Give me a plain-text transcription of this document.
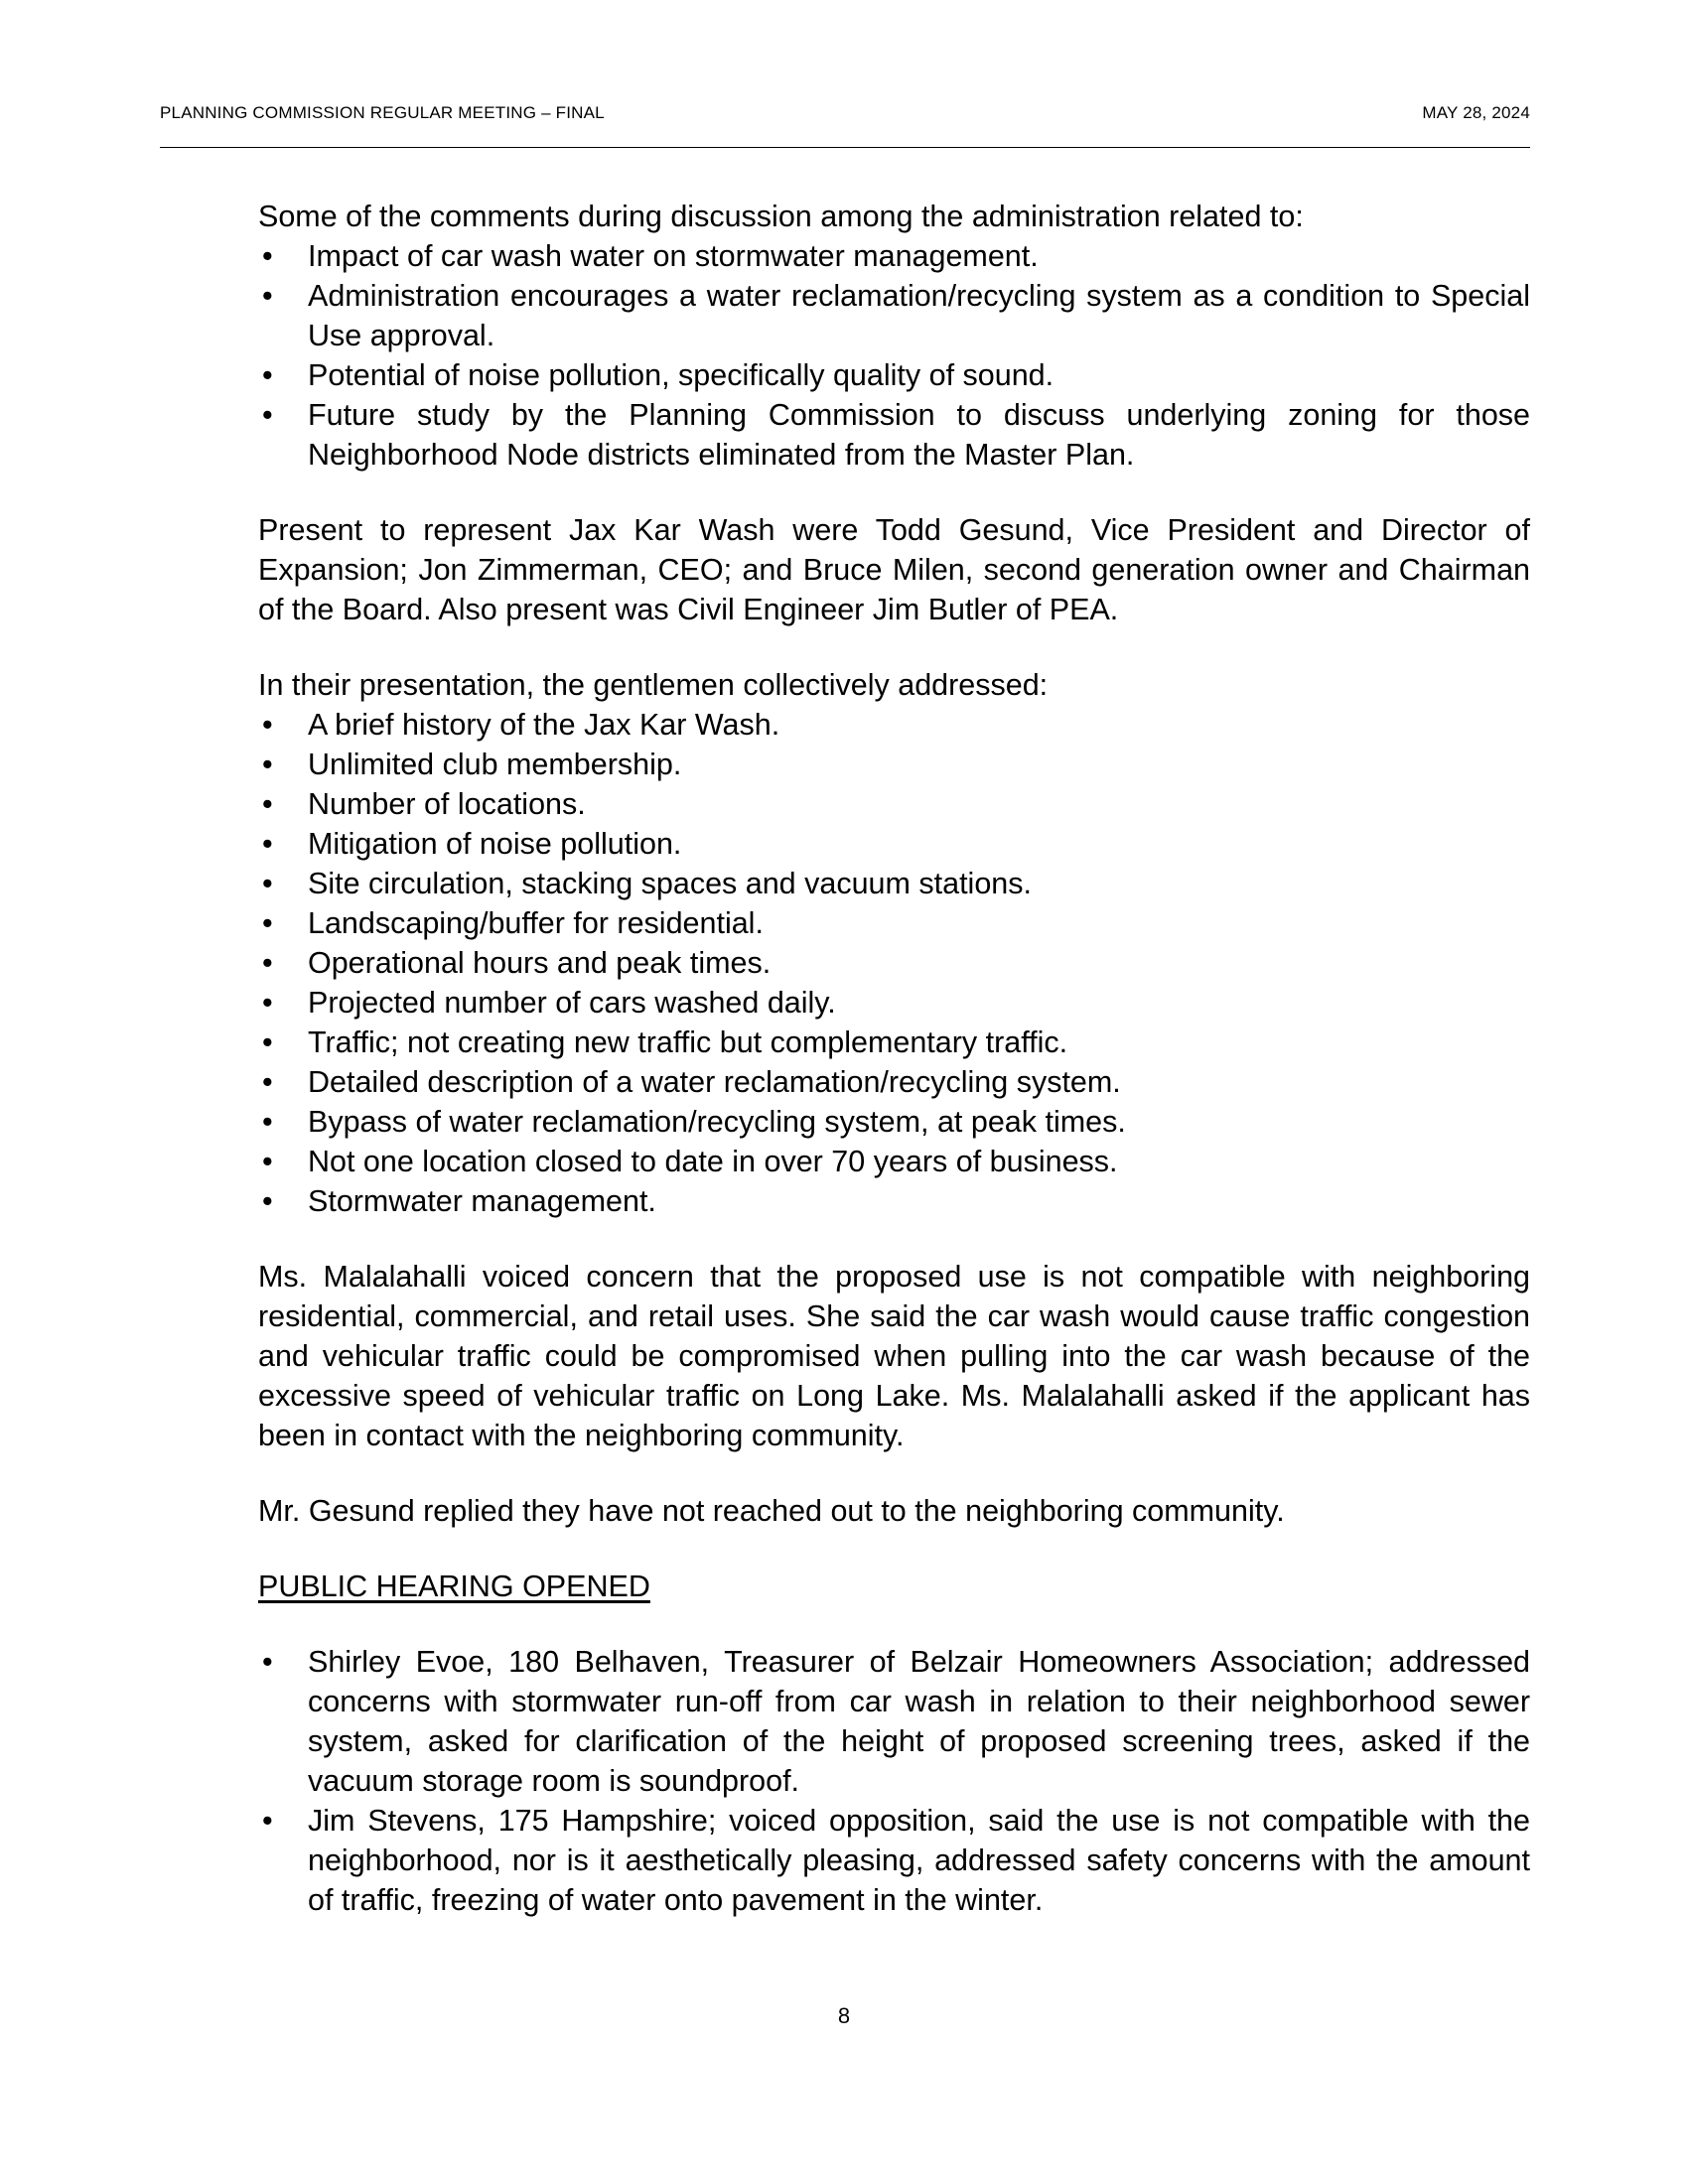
PLANNING COMMISSION REGULAR MEETING – FINAL	MAY 28, 2024

Some of the comments during discussion among the administration related to:

• Impact of car wash water on stormwater management.
• Administration encourages a water reclamation/recycling system as a condition to Special Use approval.
• Potential of noise pollution, specifically quality of sound.
• Future study by the Planning Commission to discuss underlying zoning for those Neighborhood Node districts eliminated from the Master Plan.

Present to represent Jax Kar Wash were Todd Gesund, Vice President and Director of Expansion; Jon Zimmerman, CEO; and Bruce Milen, second generation owner and Chairman of the Board. Also present was Civil Engineer Jim Butler of PEA.

In their presentation, the gentlemen collectively addressed:

• A brief history of the Jax Kar Wash.
• Unlimited club membership.
• Number of locations.
• Mitigation of noise pollution.
• Site circulation, stacking spaces and vacuum stations.
• Landscaping/buffer for residential.
• Operational hours and peak times.
• Projected number of cars washed daily.
• Traffic; not creating new traffic but complementary traffic.
• Detailed description of a water reclamation/recycling system.
• Bypass of water reclamation/recycling system, at peak times.
• Not one location closed to date in over 70 years of business.
• Stormwater management.

Ms. Malalahalli voiced concern that the proposed use is not compatible with neighboring residential, commercial, and retail uses. She said the car wash would cause traffic congestion and vehicular traffic could be compromised when pulling into the car wash because of the excessive speed of vehicular traffic on Long Lake. Ms. Malalahalli asked if the applicant has been in contact with the neighboring community.

Mr. Gesund replied they have not reached out to the neighboring community.

PUBLIC HEARING OPENED

• Shirley Evoe, 180 Belhaven, Treasurer of Belzair Homeowners Association; addressed concerns with stormwater run-off from car wash in relation to their neighborhood sewer system, asked for clarification of the height of proposed screening trees, asked if the vacuum storage room is soundproof.
• Jim Stevens, 175 Hampshire; voiced opposition, said the use is not compatible with the neighborhood, nor is it aesthetically pleasing, addressed safety concerns with the amount of traffic, freezing of water onto pavement in the winter.
8
